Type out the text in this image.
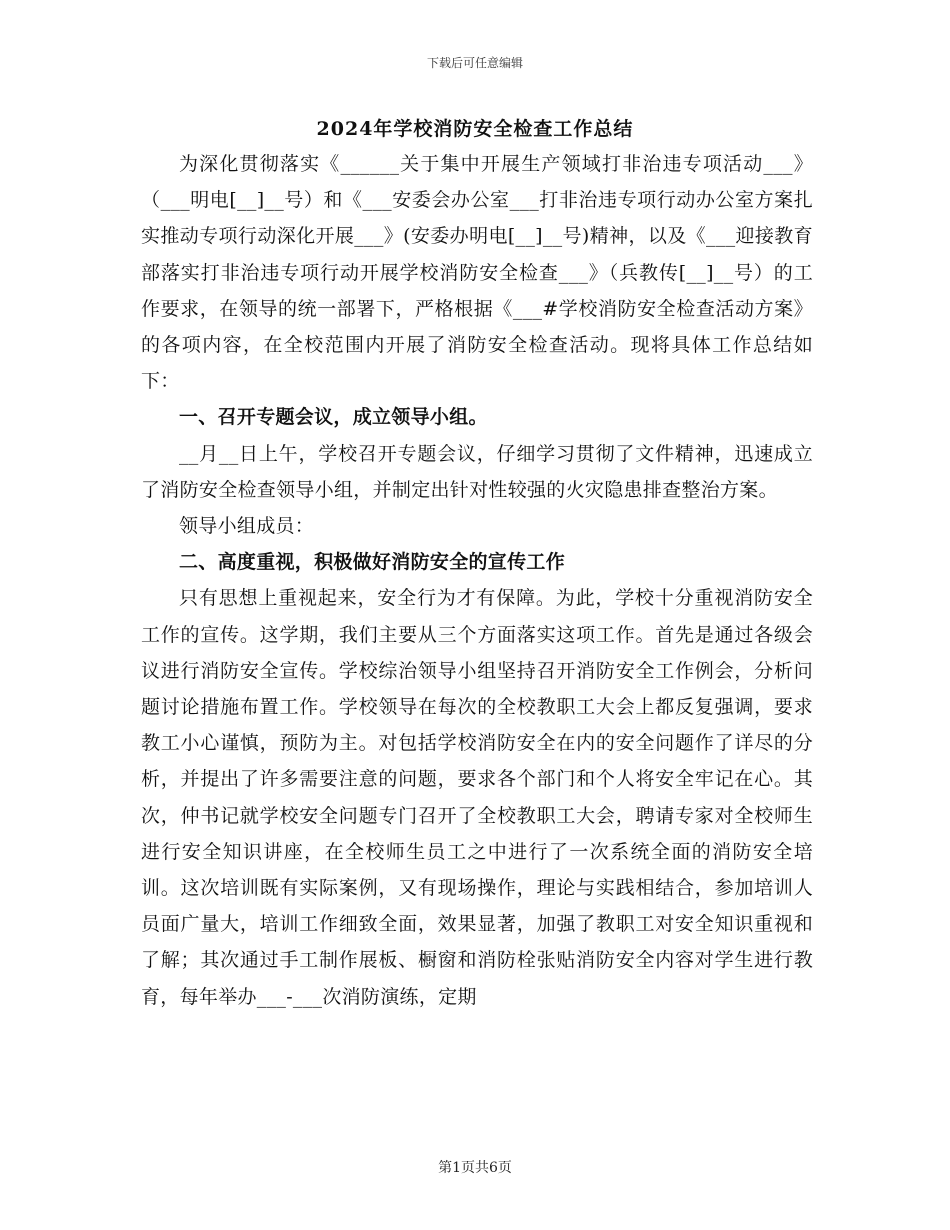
下载后可任意编辑
2024年学校消防安全检查工作总结

为深化贯彻落实《______关于集中开展生产领域打非治违专项活动___》（___明电[__]__号）和《___安委会办公室___打非治违专项行动办公室方案扎实推动专项行动深化开展___》(安委办明电[__]__号)精神，以及《___迎接教育部落实打非治违专项行动开展学校消防安全检查___》（兵教传[__]__号）的工作要求，在领导的统一部署下，严格根据《___#学校消防安全检查活动方案》的各项内容，在全校范围内开展了消防安全检查活动。现将具体工作总结如下：

一、召开专题会议，成立领导小组。

__月__日上午，学校召开专题会议，仔细学习贯彻了文件精神，迅速成立了消防安全检查领导小组，并制定出针对性较强的火灾隐患排查整治方案。

领导小组成员：

二、高度重视，积极做好消防安全的宣传工作

只有思想上重视起来，安全行为才有保障。为此，学校十分重视消防安全工作的宣传。这学期，我们主要从三个方面落实这项工作。首先是通过各级会议进行消防安全宣传。学校综治领导小组坚持召开消防安全工作例会，分析问题讨论措施布置工作。学校领导在每次的全校教职工大会上都反复强调，要求教工小心谨慎，预防为主。对包括学校消防安全在内的安全问题作了详尽的分析，并提出了许多需要注意的问题，要求各个部门和个人将安全牢记在心。其次，仲书记就学校安全问题专门召开了全校教职工大会，聘请专家对全校师生进行安全知识讲座，在全校师生员工之中进行了一次系统全面的消防安全培训。这次培训既有实际案例，又有现场操作，理论与实践相结合，参加培训人员面广量大，培训工作细致全面，效果显著，加强了教职工对安全知识重视和了解；其次通过手工制作展板、橱窗和消防栓张贴消防安全内容对学生进行教育，每年举办___-___次消防演练，定期

第1页共6页
